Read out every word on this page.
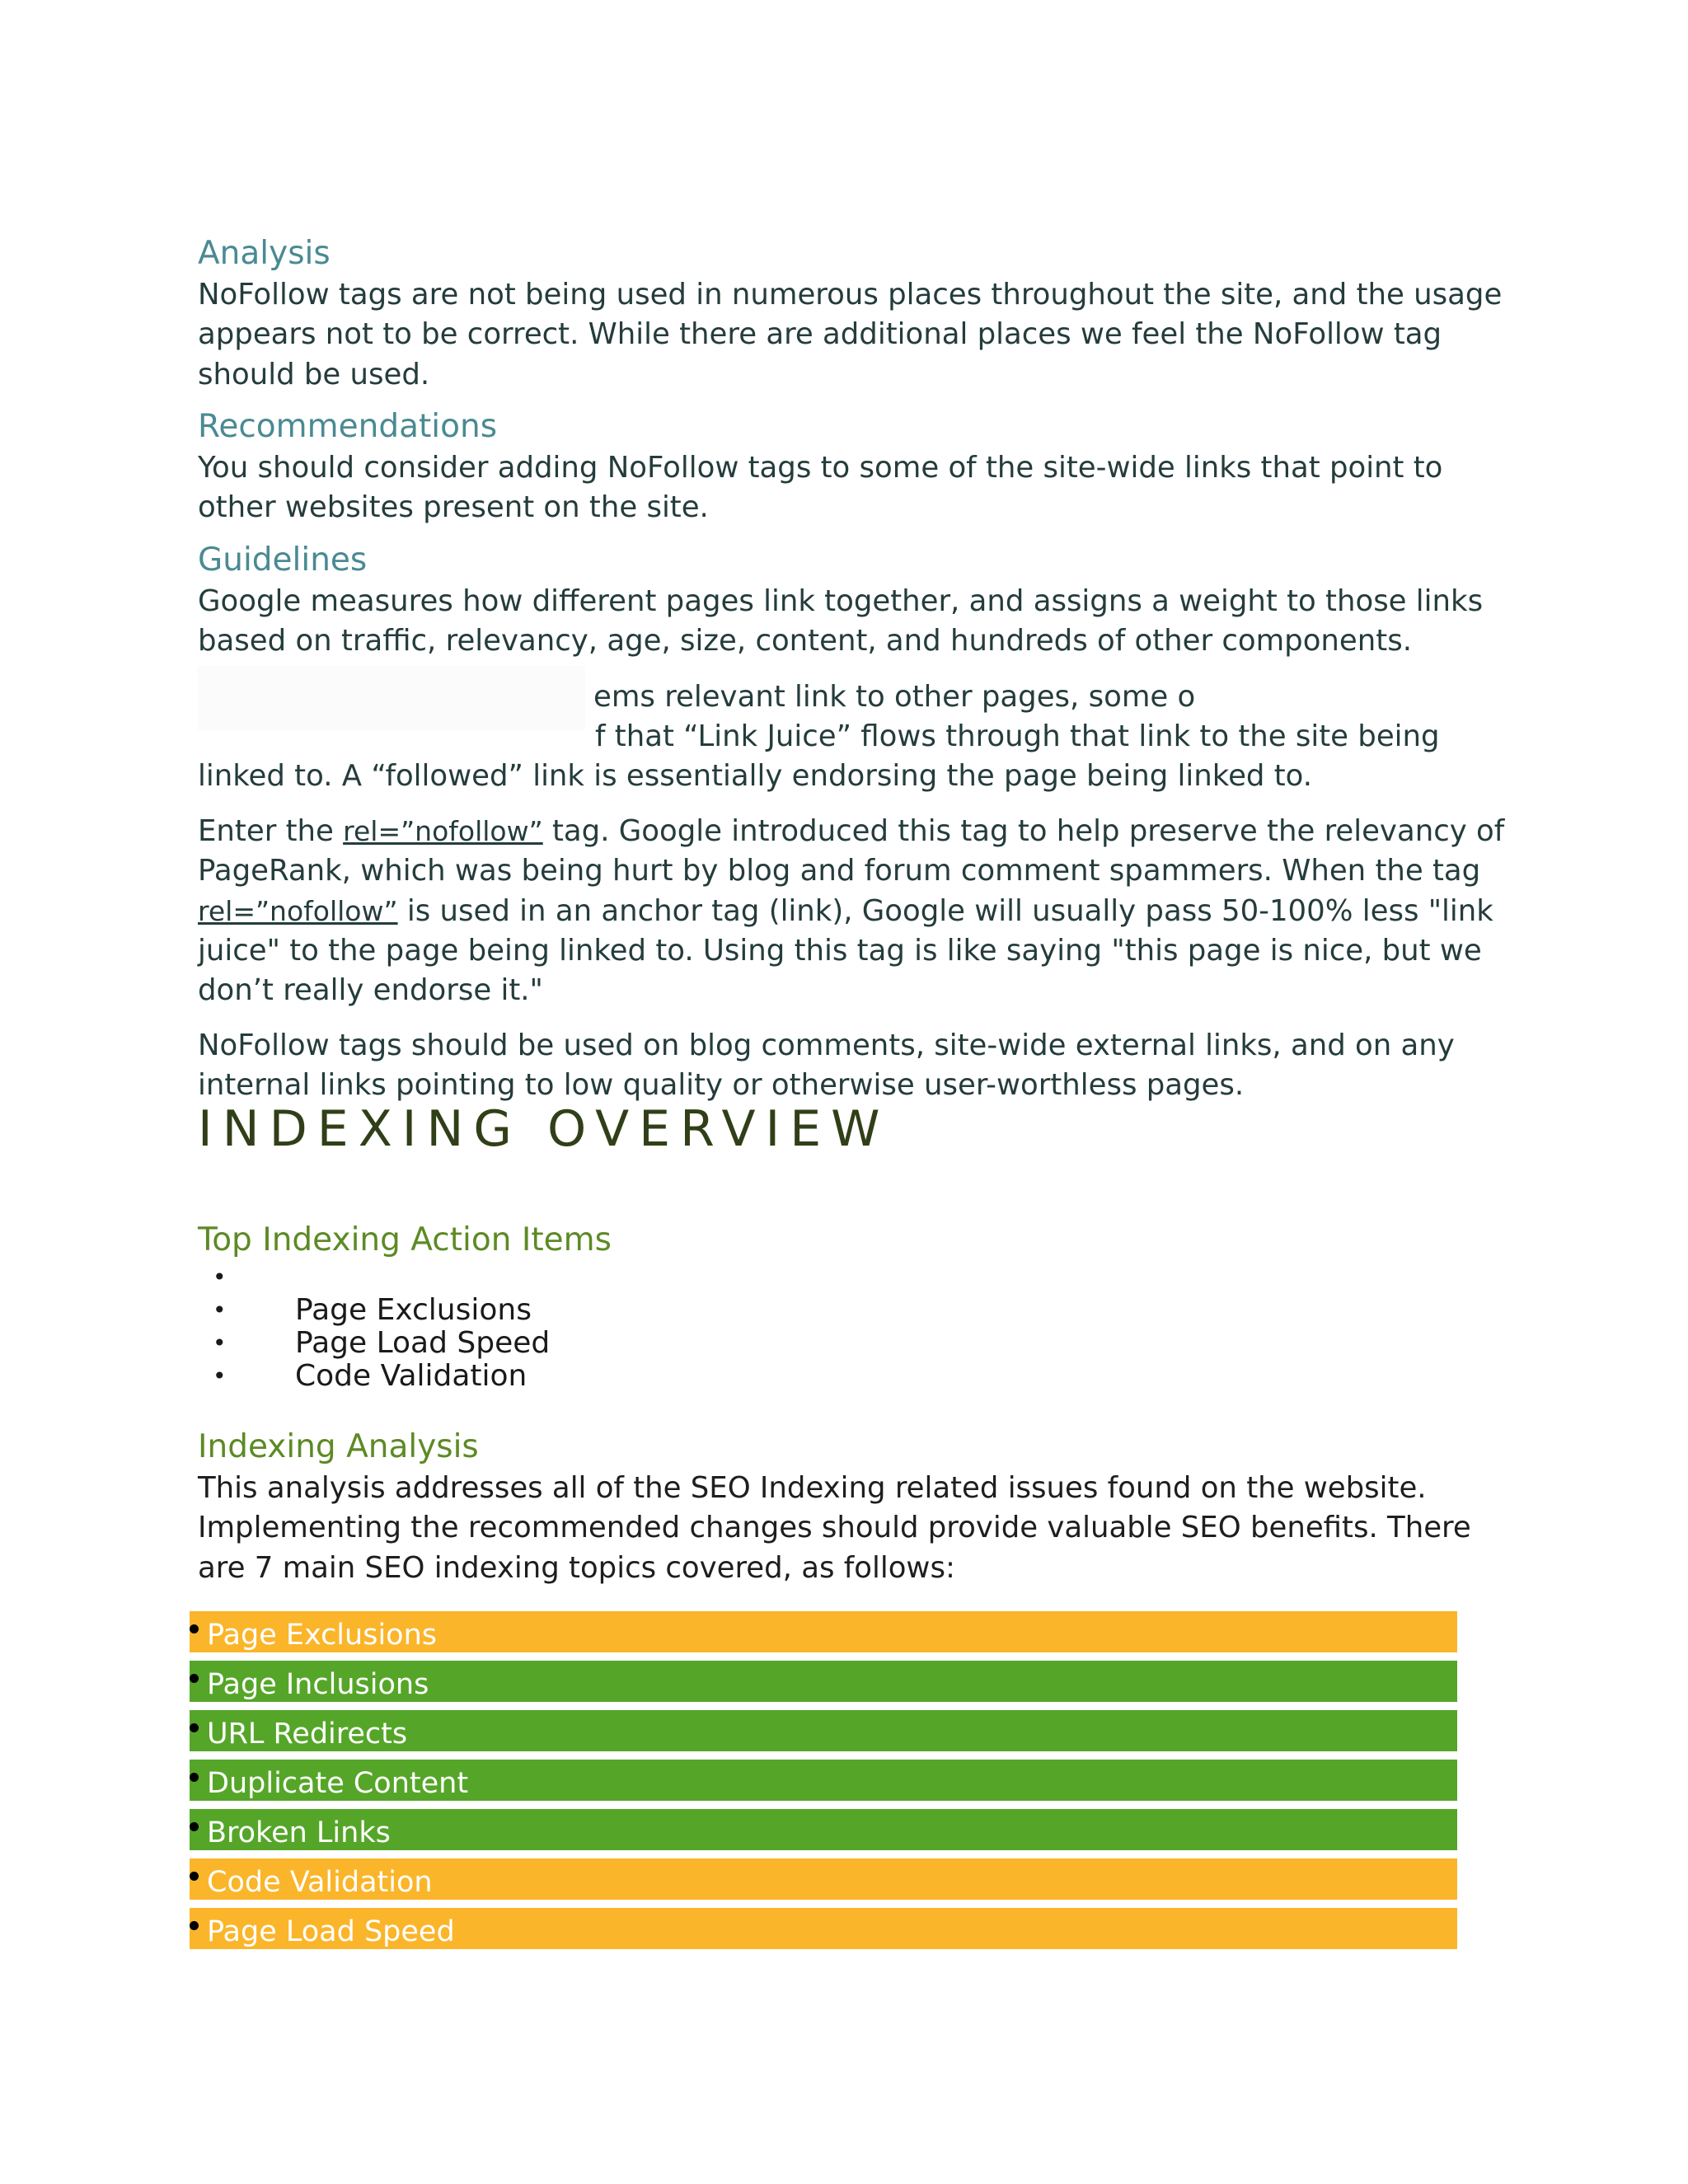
Analysis

NoFollow tags are not being used in numerous places throughout the site, and the usage appears not to be correct. While there are additional places we feel the NoFollow tag should be used.

Recommendations

You should consider adding NoFollow tags to some of the site-wide links that point to other websites present on the site.

Guidelines

Google measures how different pages link together, and assigns a weight to those links based on traffic, relevancy, age, size, content, and hundreds of other components.

ems relevant link to other pages, some o
f that “Link Juice” flows through that link to the site being
linked to. A “followed” link is essentially endorsing the page being linked to.

Enter the rel=”nofollow” tag. Google introduced this tag to help preserve the relevancy of PageRank, which was being hurt by blog and forum comment spammers. When the tag rel=”nofollow” is used in an anchor tag (link), Google will usually pass 50-100% less "link juice" to the page being linked to. Using this tag is like saying "this page is nice, but we don’t really endorse it."

NoFollow tags should be used on blog comments, site-wide external links, and on any internal links pointing to low quality or otherwise user-worthless pages.

INDEXING OVERVIEW
Top Indexing Action Items
•
• Page Exclusions
• Page Load Speed
• Code Validation
Indexing Analysis

This analysis addresses all of the SEO Indexing related issues found on the website. Implementing the recommended changes should provide valuable SEO benefits. There are 7 main SEO indexing topics covered, as follows:

Page Exclusions
Page Inclusions
URL Redirects
Duplicate Content
Broken Links
Code Validation
Page Load Speed
